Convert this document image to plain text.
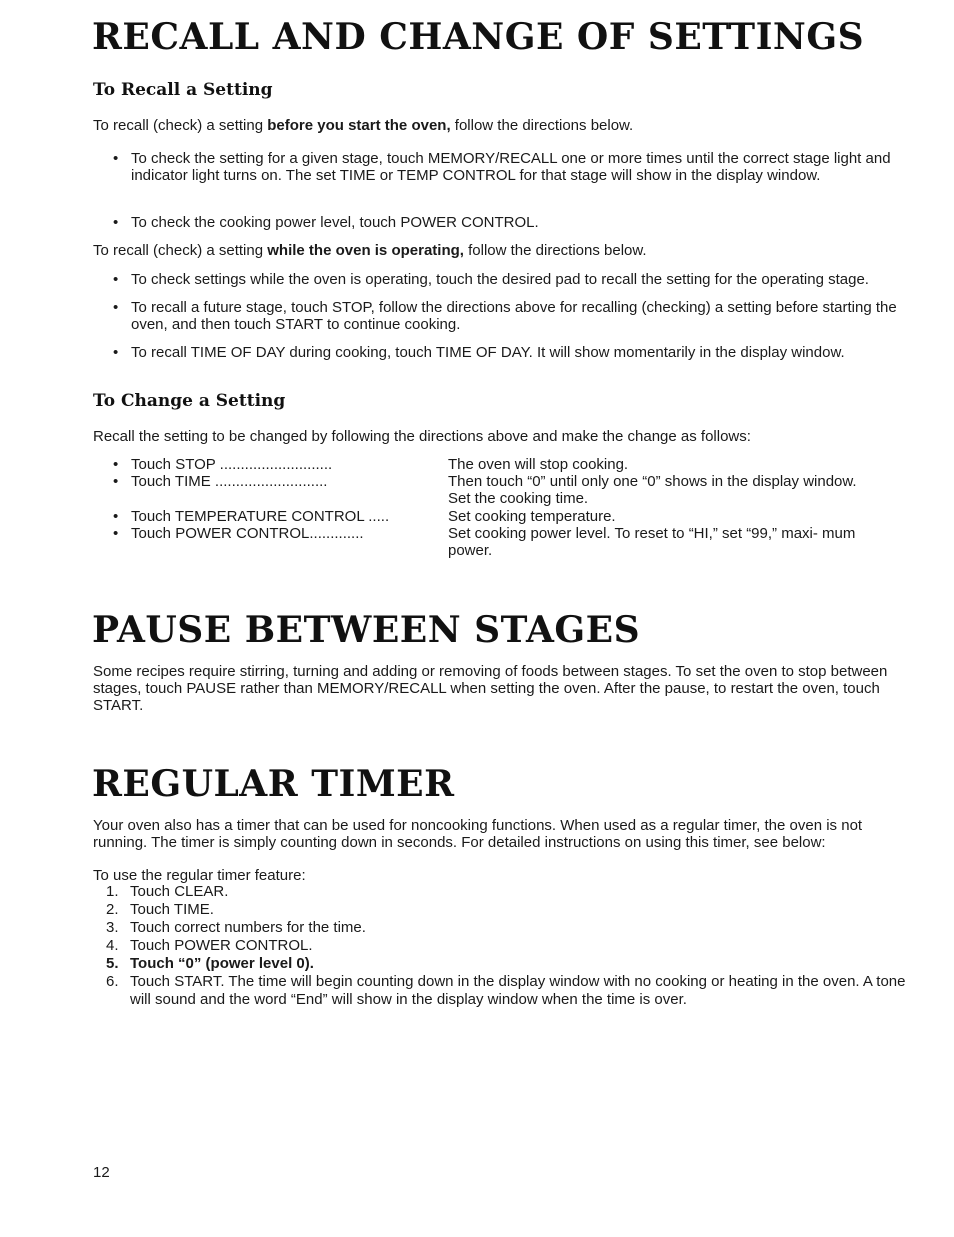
RECALL AND CHANGE OF SETTINGS
To Recall a Setting

To recall (check) a setting before you start the oven, follow the directions below.

• To check the setting for a given stage, touch MEMORY/RECALL one or more times until the correct stage light and indicator light turns on. The set TIME or TEMP CONTROL for that stage will show in the display window.
• To check the cooking power level, touch POWER CONTROL.

To recall (check) a setting while the oven is operating, follow the directions below.

• To check settings while the oven is operating, touch the desired pad to recall the setting for the operating stage.
• To recall a future stage, touch STOP, follow the directions above for recalling (checking) a setting before starting the oven, and then touch START to continue cooking.
• To recall TIME OF DAY during cooking, touch TIME OF DAY. It will show momentarily in the display window.
To Change a Setting

Recall the setting to be changed by following the directions above and make the change as follows:

• Touch STOP ...........................	The oven will stop cooking.
• Touch TIME ...........................	Then touch “0” until only one “0” shows in the display window. Set the cooking time.
• Touch TEMPERATURE CONTROL .....	Set cooking temperature.
• Touch POWER CONTROL.............	Set cooking power level. To reset to “HI,” set “99,” maxi- mum power.
PAUSE BETWEEN STAGES

Some recipes require stirring, turning and adding or removing of foods between stages. To set the oven to stop between stages, touch PAUSE rather than MEMORY/RECALL when setting the oven. After the pause, to restart the oven, touch START.

REGULAR TIMER

Your oven also has a timer that can be used for noncooking functions. When used as a regular timer, the oven is not running. The timer is simply counting down in seconds. For detailed instructions on using this timer, see below:

To use the regular timer feature:

1. Touch CLEAR.
2. Touch TIME.
3. Touch correct numbers for the time.
4. Touch POWER CONTROL.
5. Touch “0” (power level 0).
6. Touch START. The time will begin counting down in the display window with no cooking or heating in the oven. A tone will sound and the word “End” will show in the display window when the time is over.
12
